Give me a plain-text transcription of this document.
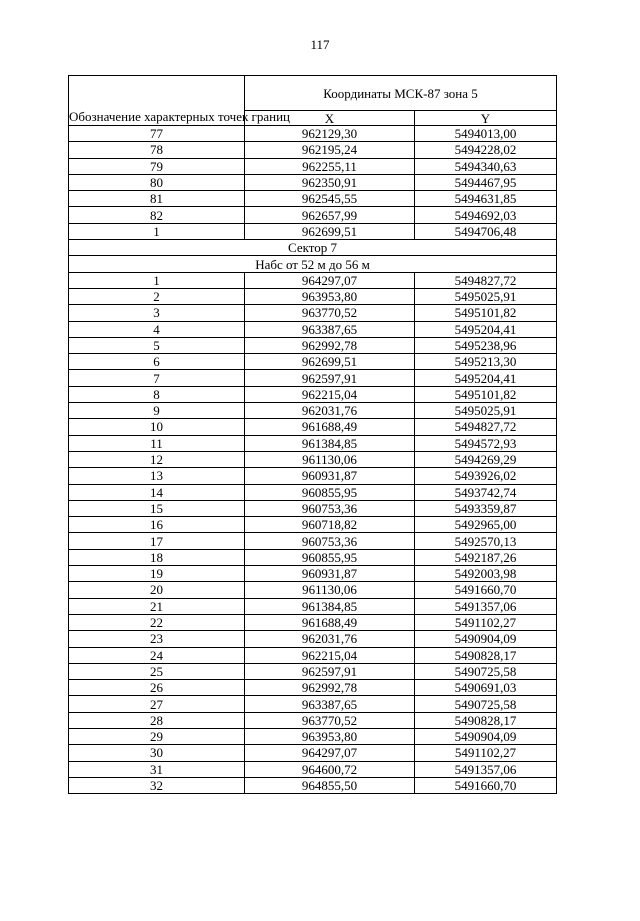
117
Обозначение характерных точек границ	Координаты МСК-87 зона 5	
	X	Y
77	962129,30	5494013,00
78	962195,24	5494228,02
79	962255,11	5494340,63
80	962350,91	5494467,95
81	962545,55	5494631,85
82	962657,99	5494692,03
1	962699,51	5494706,48
Сектор 7		
Набс от 52 м до 56 м		
1	964297,07	5494827,72
2	963953,80	5495025,91
3	963770,52	5495101,82
4	963387,65	5495204,41
5	962992,78	5495238,96
6	962699,51	5495213,30
7	962597,91	5495204,41
8	962215,04	5495101,82
9	962031,76	5495025,91
10	961688,49	5494827,72
11	961384,85	5494572,93
12	961130,06	5494269,29
13	960931,87	5493926,02
14	960855,95	5493742,74
15	960753,36	5493359,87
16	960718,82	5492965,00
17	960753,36	5492570,13
18	960855,95	5492187,26
19	960931,87	5492003,98
20	961130,06	5491660,70
21	961384,85	5491357,06
22	961688,49	5491102,27
23	962031,76	5490904,09
24	962215,04	5490828,17
25	962597,91	5490725,58
26	962992,78	5490691,03
27	963387,65	5490725,58
28	963770,52	5490828,17
29	963953,80	5490904,09
30	964297,07	5491102,27
31	964600,72	5491357,06
32	964855,50	5491660,70
